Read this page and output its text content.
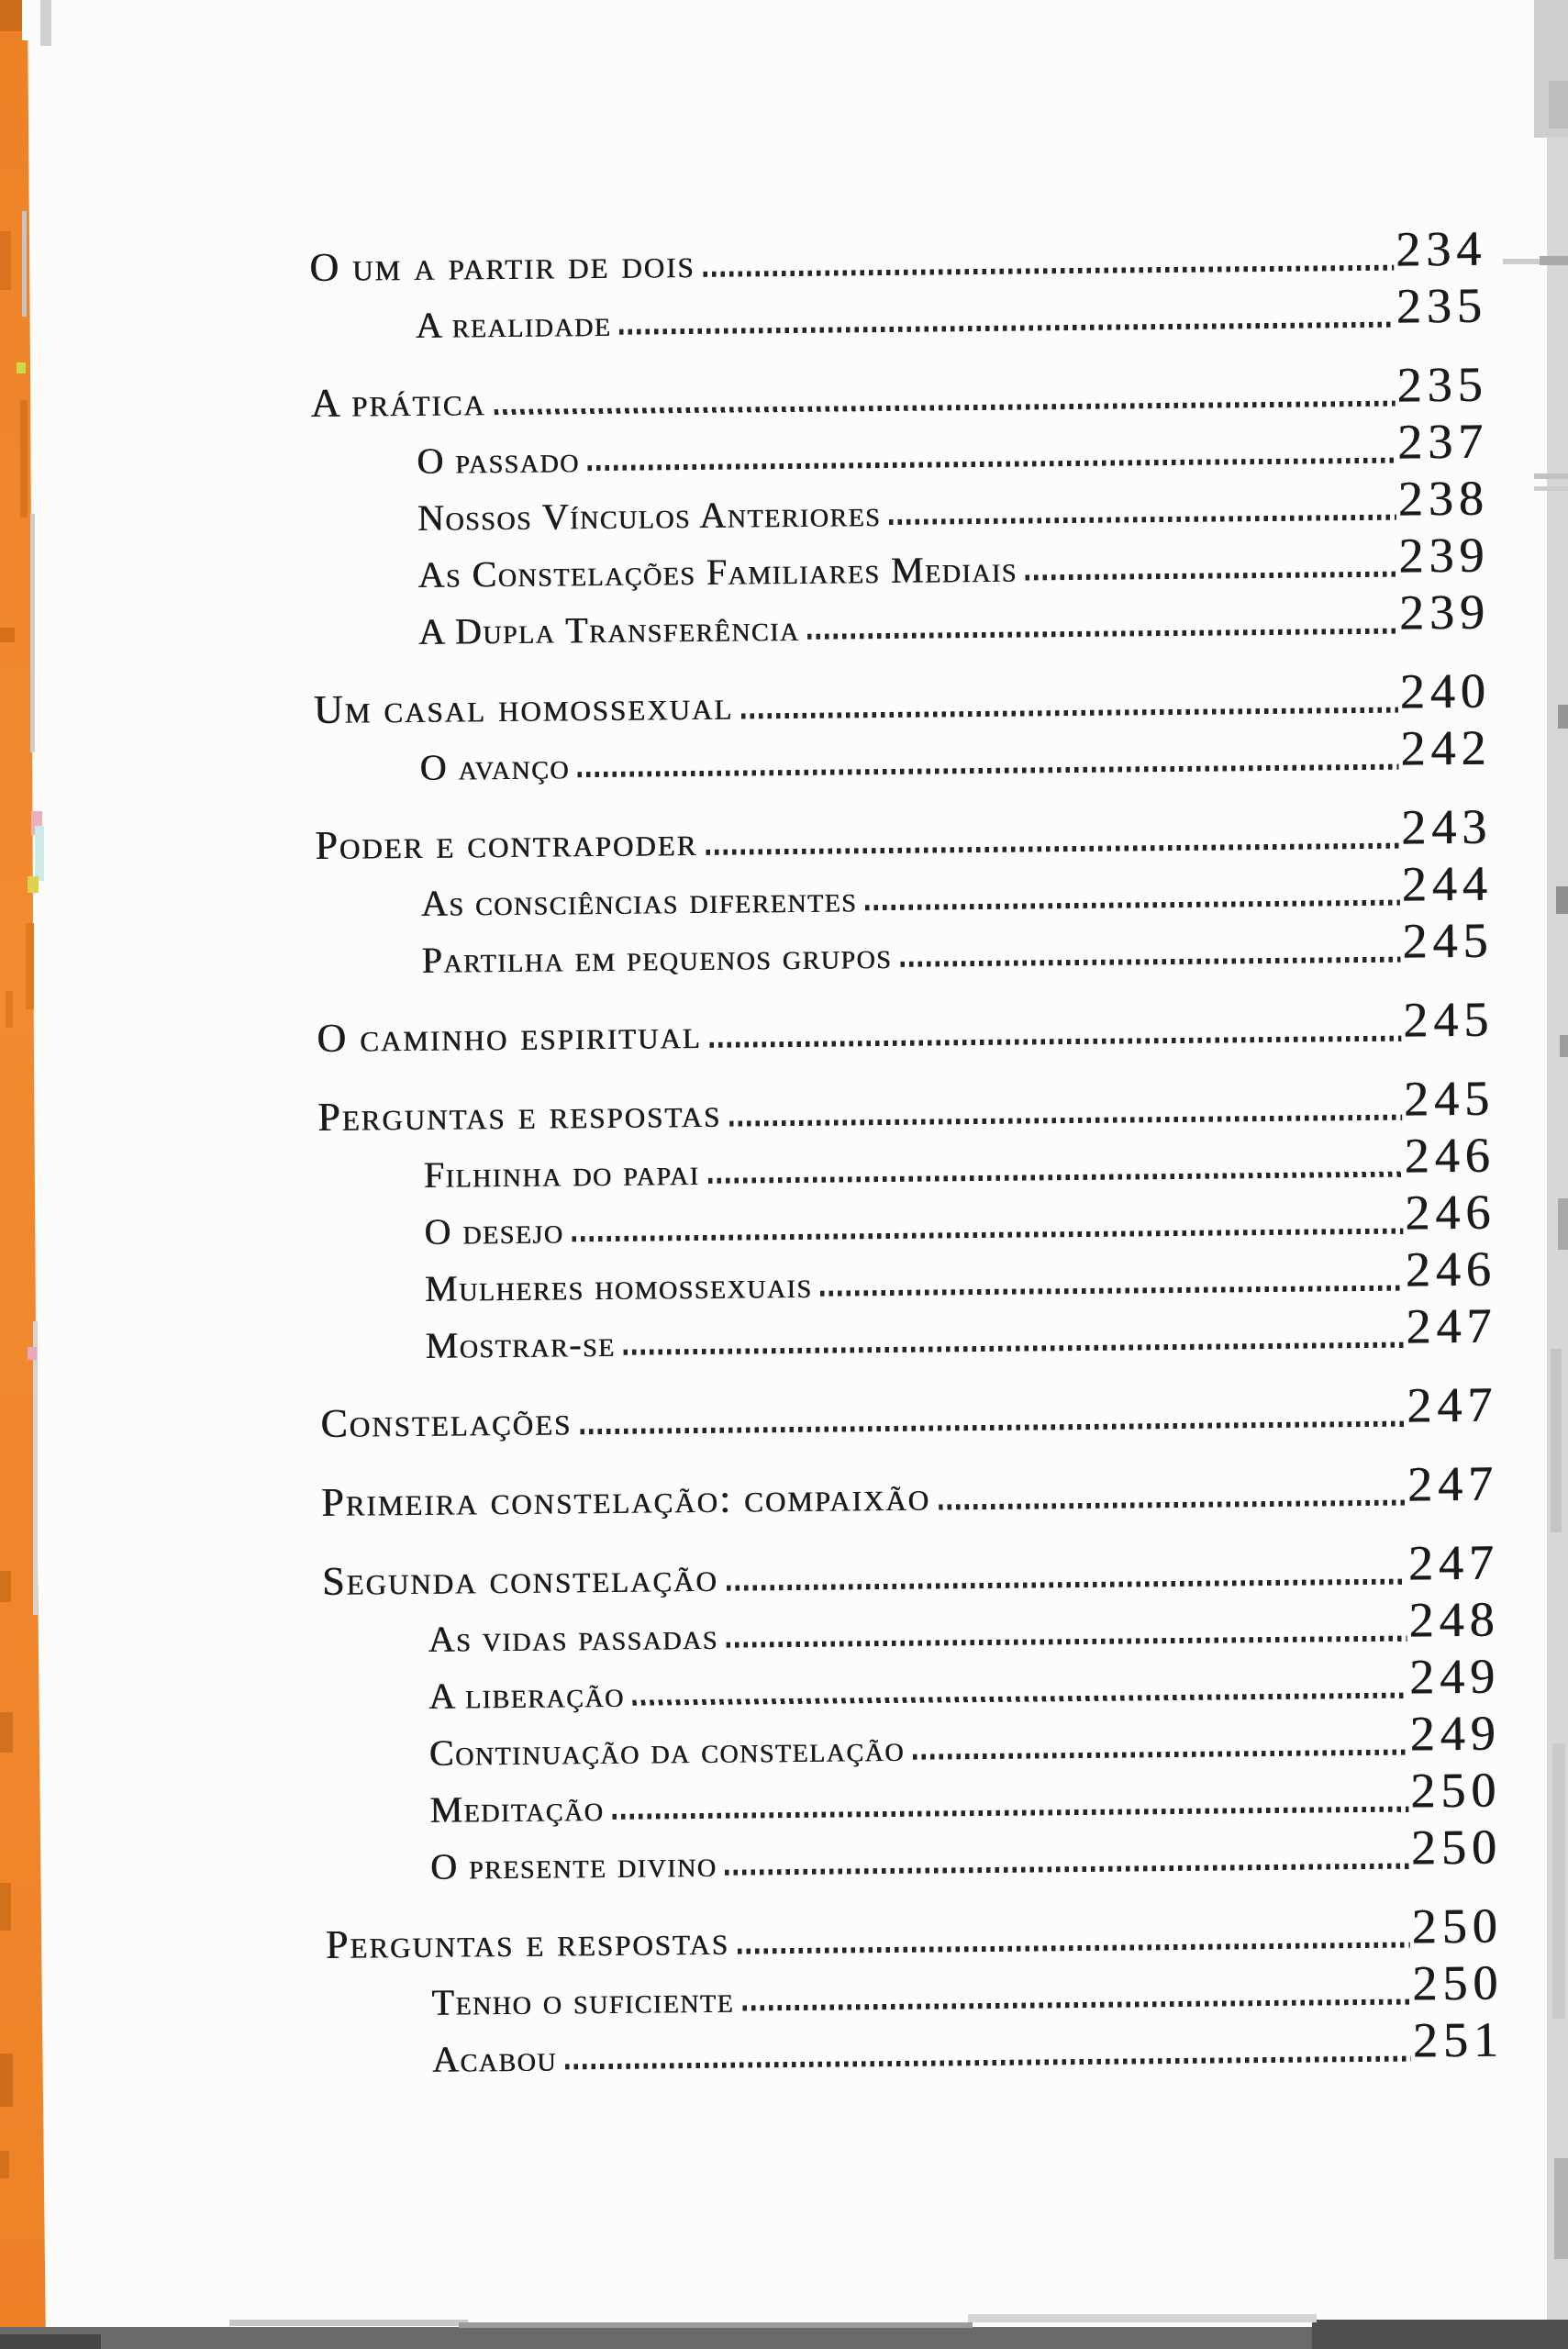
O um a partir de dois	234
A realidade	235
A prática	235
O passado	237
Nossos Vínculos Anteriores	238
As Constelações Familiares Mediais	239
A Dupla Transferência	239
Um casal homossexual	240
O avanço	242
Poder e contrapoder	243
As consciências diferentes	244
Partilha em pequenos grupos	245
O caminho espiritual	245
Perguntas e respostas	245
Filhinha do papai	246
O desejo	246
Mulheres homossexuais	246
Mostrar-se	247
Constelações	247
Primeira constelação: compaixão	247
Segunda constelação	247
As vidas passadas	248
A liberação	249
Continuação da constelação	249
Meditação	250
O presente divino	250
Perguntas e respostas	250
Tenho o suficiente	250
Acabou	251
